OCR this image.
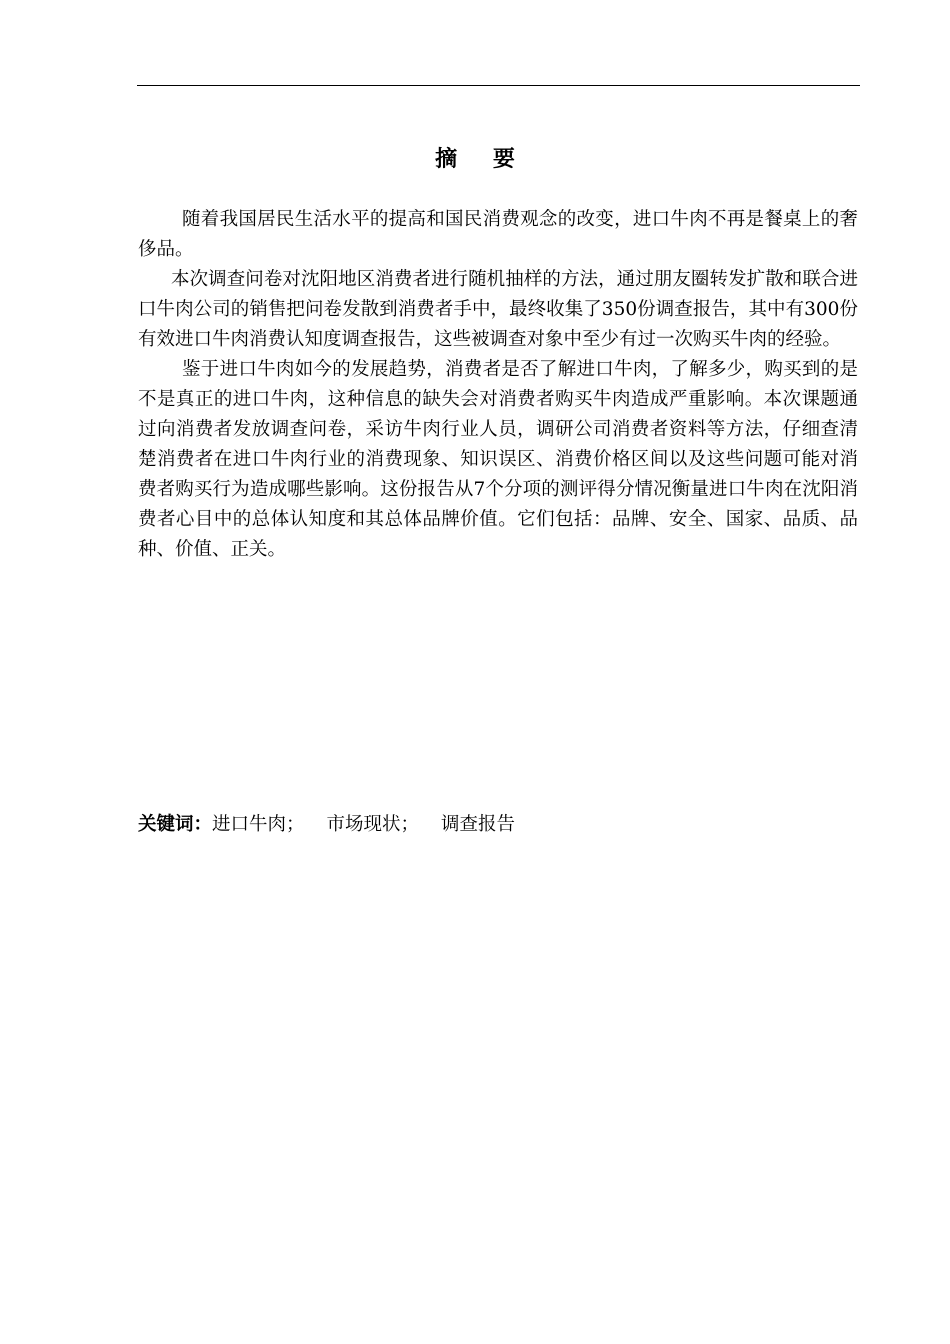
摘 要

随着我国居民生活水平的提高和国民消费观念的改变，进口牛肉不再是餐桌上的奢侈品。

本次调查问卷对沈阳地区消费者进行随机抽样的方法，通过朋友圈转发扩散和联合进口牛肉公司的销售把问卷发散到消费者手中，最终收集了350份调查报告，其中有300份有效进口牛肉消费认知度调查报告，这些被调查对象中至少有过一次购买牛肉的经验。

鉴于进口牛肉如今的发展趋势，消费者是否了解进口牛肉，了解多少，购买到的是不是真正的进口牛肉，这种信息的缺失会对消费者购买牛肉造成严重影响。本次课题通过向消费者发放调查问卷，采访牛肉行业人员，调研公司消费者资料等方法，仔细查清楚消费者在进口牛肉行业的消费现象、知识误区、消费价格区间以及这些问题可能对消费者购买行为造成哪些影响。这份报告从7个分项的测评得分情况衡量进口牛肉在沈阳消费者心目中的总体认知度和其总体品牌价值。它们包括：品牌、安全、国家、品质、品种、价值、正关。

关键词：进口牛肉； 市场现状； 调查报告
